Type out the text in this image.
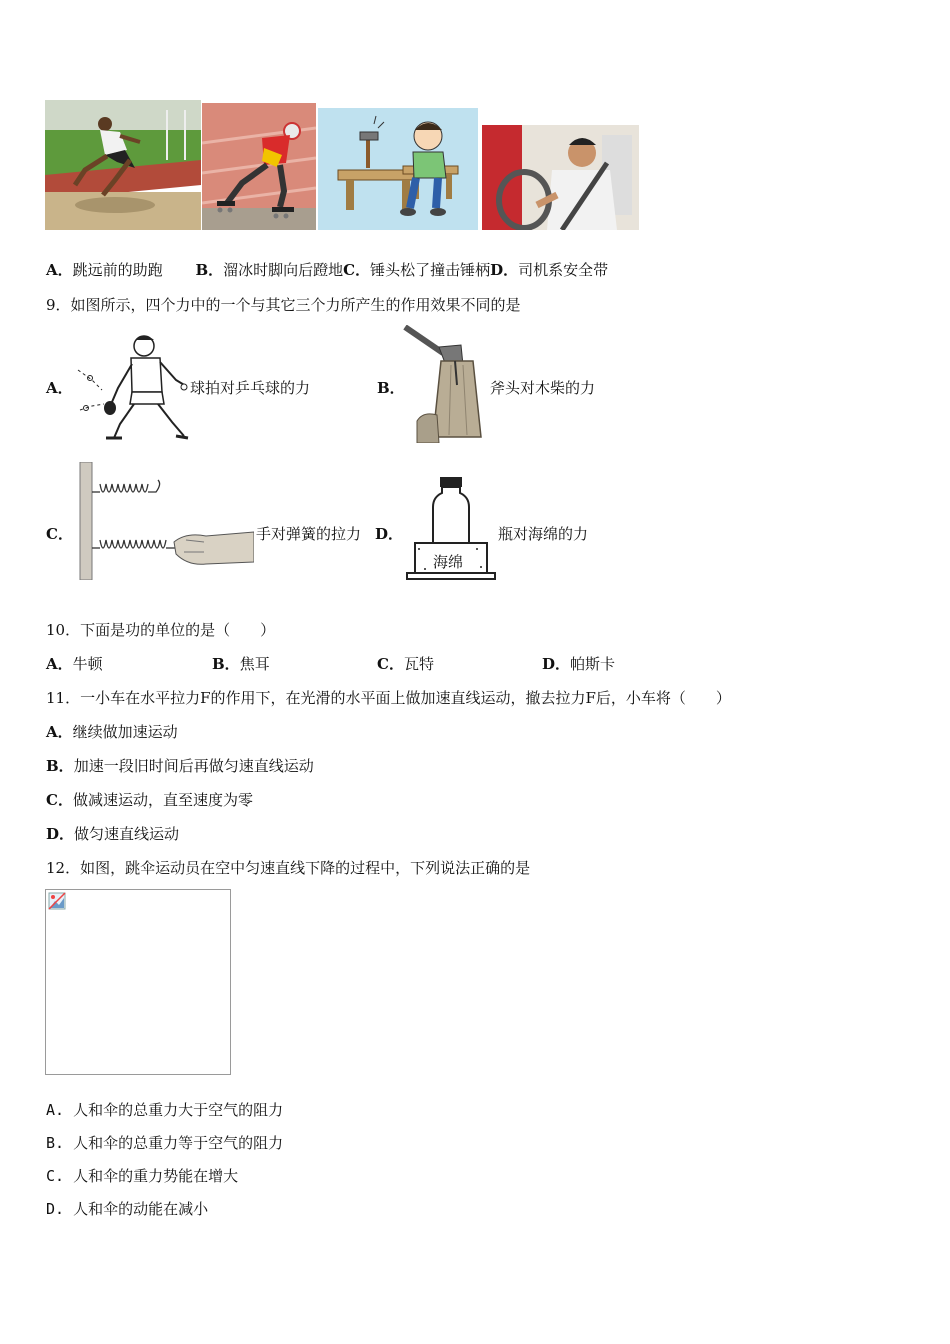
A．跳远前的助跑 B．溜冰时脚向后蹬地C．锤头松了撞击锤柄D．司机系安全带
9．如图所示，四个力中的一个与其它三个力所产生的作用效果不同的是
A．	球拍对乒乓球的力	B．	斧头对木柴的力
C．	手对弹簧的拉力 D．
海绵
瓶对海绵的力
10．下面是功的单位的是（　　）
A．牛顿	B．焦耳	C．瓦特	D．帕斯卡
11．一小车在水平拉力F的作用下，在光滑的水平面上做加速直线运动，撤去拉力F后，小车将（　　）
A．继续做加速运动
B．加速一段旧时间后再做匀速直线运动
C．做减速运动，直至速度为零
D．做匀速直线运动
12．如图，跳伞运动员在空中匀速直线下降的过程中，下列说法正确的是
A. 人和伞的总重力大于空气的阻力
B. 人和伞的总重力等于空气的阻力
C. 人和伞的重力势能在增大
D. 人和伞的动能在减小
